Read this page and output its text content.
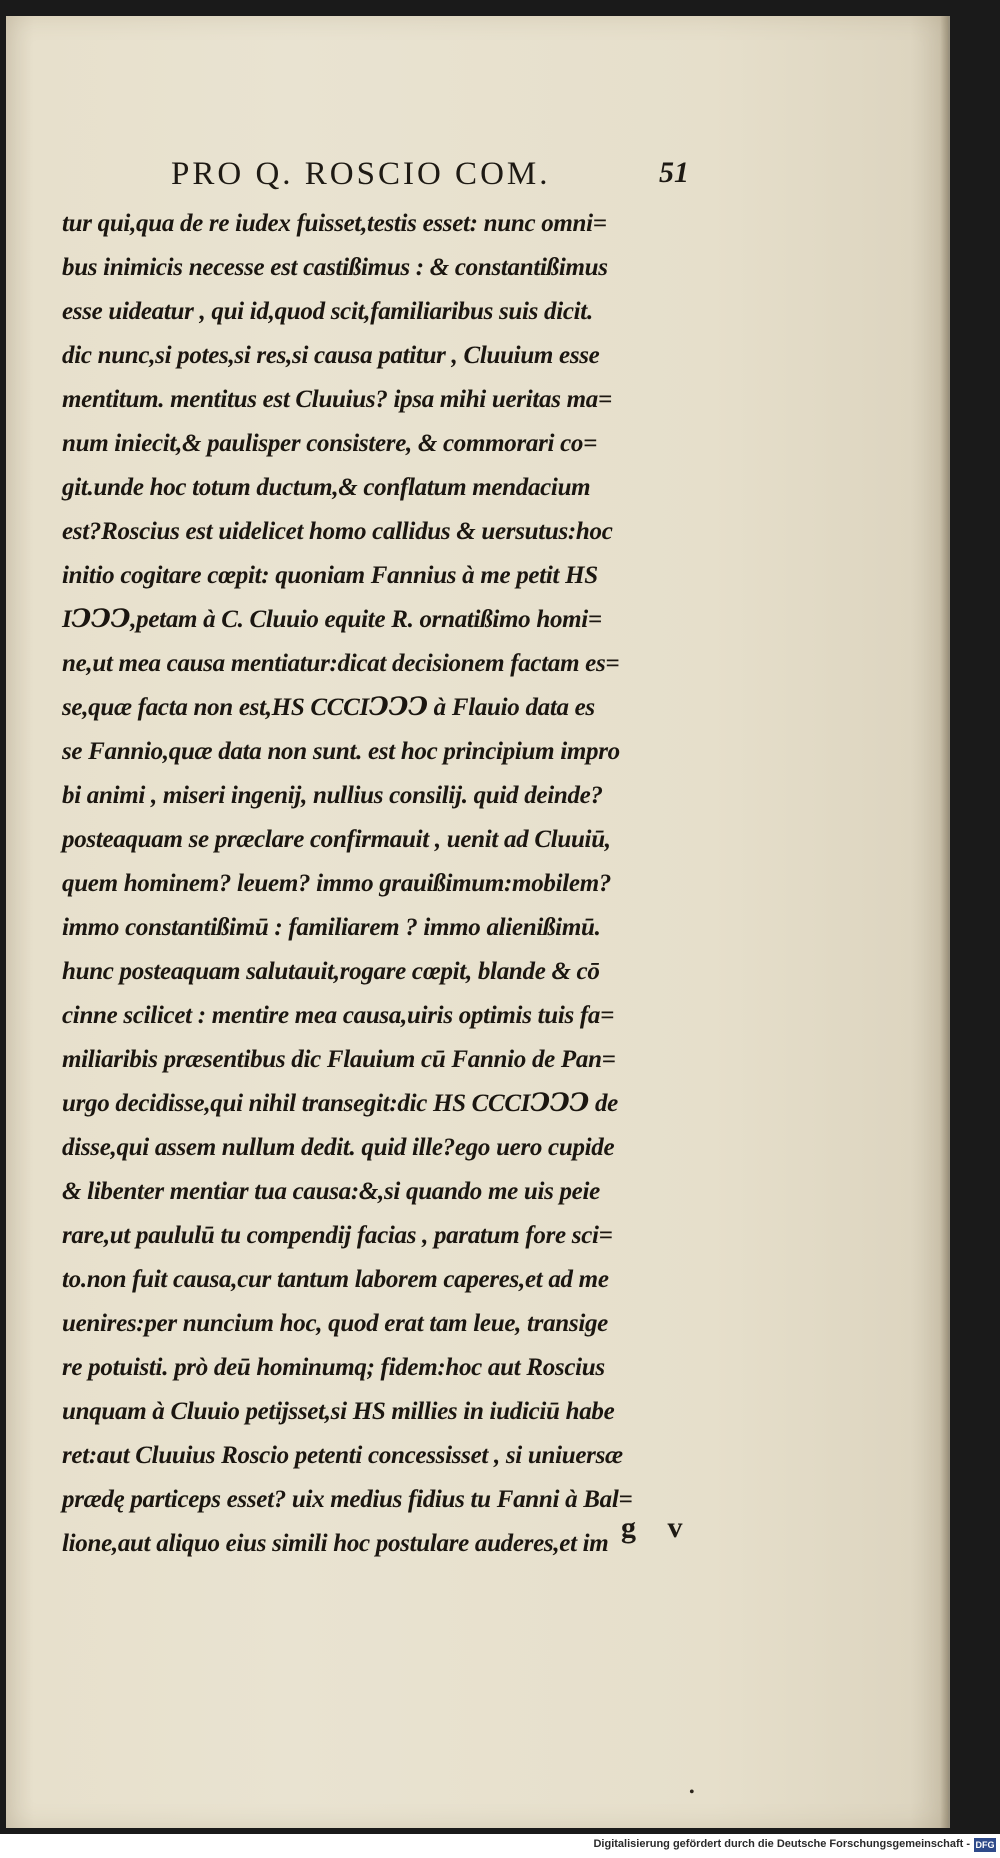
PRO Q. ROSCIO COM.	51
tur qui,qua de re iudex fuisset,testis esset: nunc omni=
bus inimicis necesse est castißimus : & constantißimus
esse uideatur , qui id,quod scit,familiaribus suis dicit.
dic nunc,si potes,si res,si causa patitur , Cluuium esse
mentitum. mentitus est Cluuius? ipsa mihi ueritas ma=
num iniecit,& paulisper consistere, & commorari co=
git.unde hoc totum ductum,& conflatum mendacium
est?Roscius est uidelicet homo callidus & uersutus:hoc
initio cogitare cœpit: quoniam Fannius à me petit HS
IↃↃↃ,petam à C. Cluuio equite R. ornatißimo homi=
ne,ut mea causa mentiatur:dicat decisionem factam es=
se,quæ facta non est,HS CCCIↃↃↃ à Flauio data es
se Fannio,quæ data non sunt. est hoc principium impro
bi animi , miseri ingenij, nullius consilij. quid deinde?
posteaquam se præclare confirmauit , uenit ad Cluuiū,
quem hominem? leuem? immo grauißimum:mobilem?
immo constantißimū : familiarem ? immo alienißimū.
hunc posteaquam salutauit,rogare cœpit, blande & cō
cinne scilicet : mentire mea causa,uiris optimis tuis fa=
miliaribis præsentibus dic Flauium cū Fannio de Pan=
urgo decidisse,qui nihil transegit:dic HS CCCIↃↃↃ de
disse,qui assem nullum dedit. quid ille?ego uero cupide
& libenter mentiar tua causa:&,si quando me uis peie
rare,ut paululū tu compendij facias , paratum fore sci=
to.non fuit causa,cur tantum laborem caperes,et ad me
uenires:per nuncium hoc, quod erat tam leue, transige
re potuisti. prò deū hominumq; fidem:hoc aut Roscius
unquam à Cluuio petijsset,si HS millies in iudiciū habe
ret:aut Cluuius Roscio petenti concessisset , si uniuersæ
prædę particeps esset? uix medius fidius tu Fanni à Bal=
lione,aut aliquo eius simili hoc postulare auderes,et im g v
•
Digitalisierung gefördert durch die Deutsche Forschungsgemeinschaft - DFG
